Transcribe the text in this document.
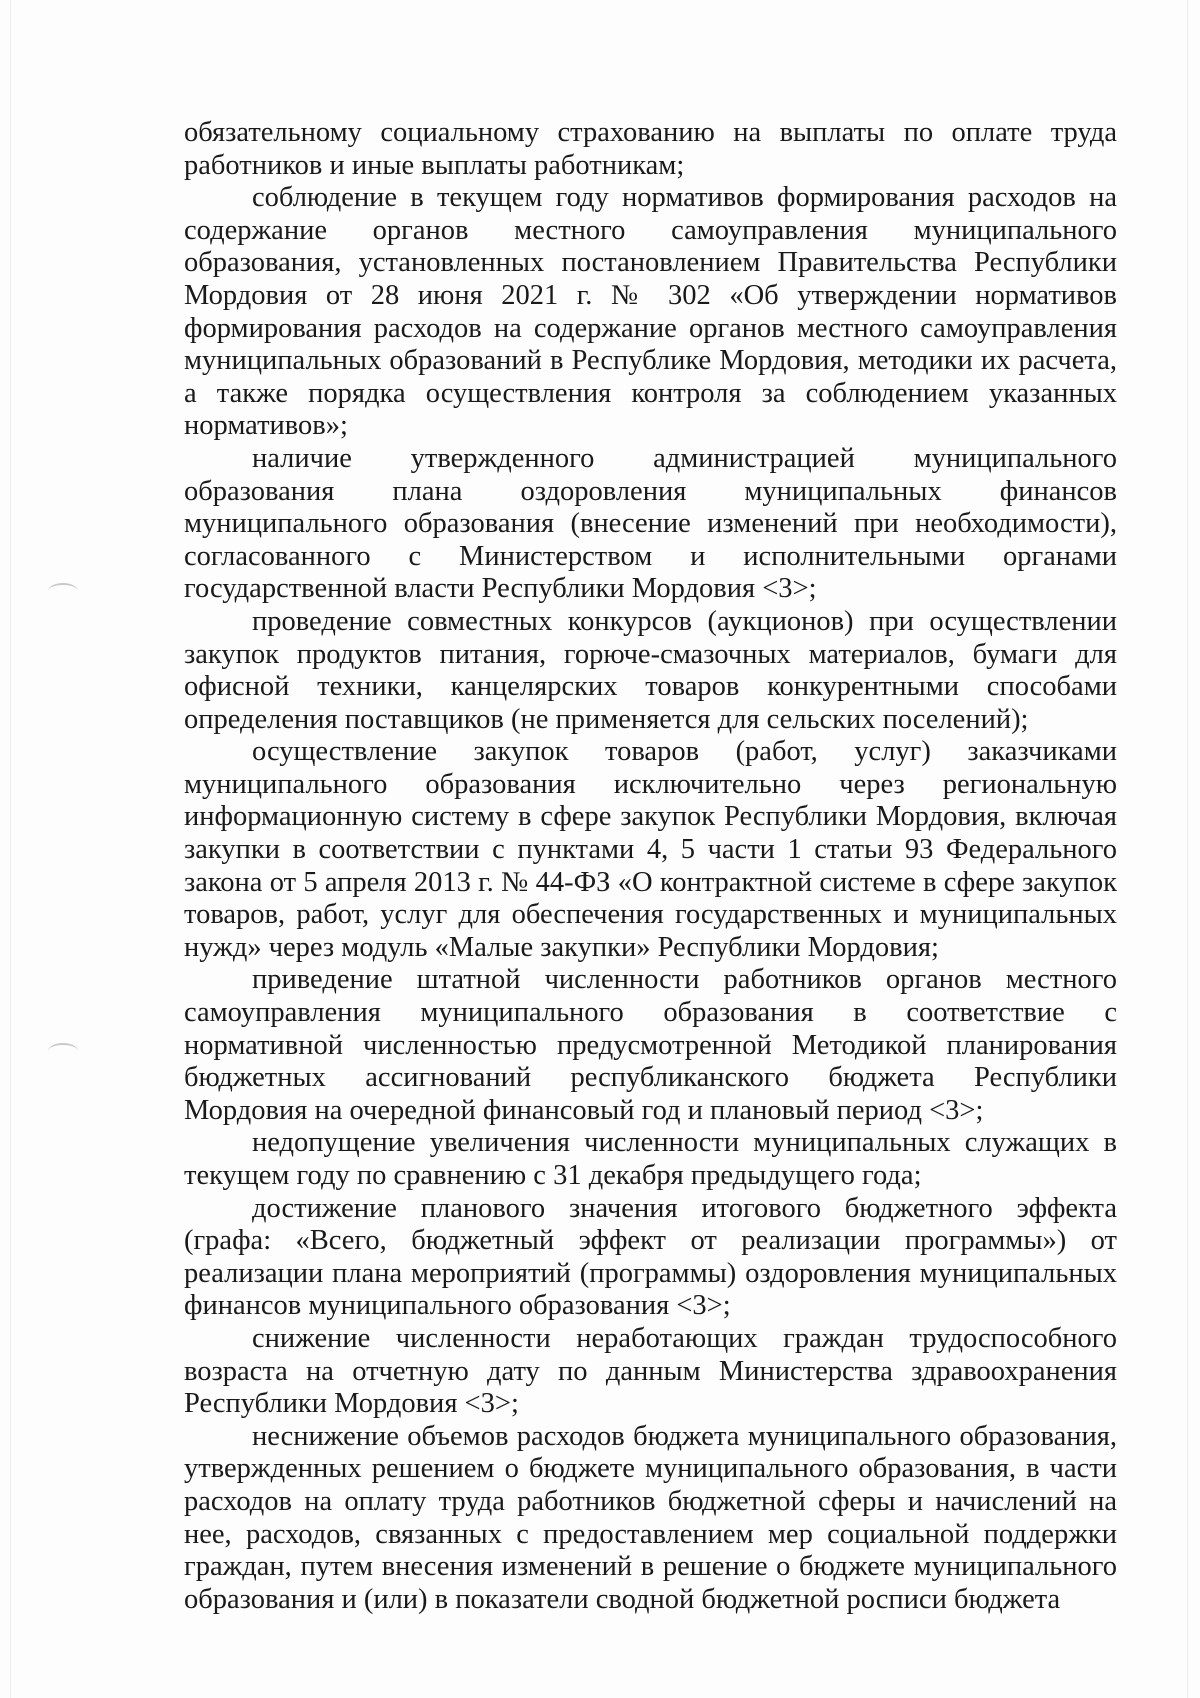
обязательному социальному страхованию на выплаты по оплате труда работников и иные выплаты работникам;

соблюдение в текущем году нормативов формирования расходов на содержание органов местного самоуправления муниципального образования, установленных постановлением Правительства Республики Мордовия от 28 июня 2021 г. № 302 «Об утверждении нормативов формирования расходов на содержание органов местного самоуправления муниципальных образований в Республике Мордовия, методики их расчета, а также порядка осуществления контроля за соблюдением указанных нормативов»;

наличие утвержденного администрацией муниципального образования плана оздоровления муниципальных финансов муниципального образования (внесение изменений при необходимости), согласованного с Министерством и исполнительными органами государственной власти Республики Мордовия <3>;

проведение совместных конкурсов (аукционов) при осуществлении закупок продуктов питания, горюче-смазочных материалов, бумаги для офисной техники, канцелярских товаров конкурентными способами определения поставщиков (не применяется для сельских поселений);

осуществление закупок товаров (работ, услуг) заказчиками муниципального образования исключительно через региональную информационную систему в сфере закупок Республики Мордовия, включая закупки в соответствии с пунктами 4, 5 части 1 статьи 93 Федерального закона от 5 апреля 2013 г. № 44-ФЗ «О контрактной системе в сфере закупок товаров, работ, услуг для обеспечения государственных и муниципальных нужд» через модуль «Малые закупки» Республики Мордовия;

приведение штатной численности работников органов местного самоуправления муниципального образования в соответствие с нормативной численностью предусмотренной Методикой планирования бюджетных ассигнований республиканского бюджета Республики Мордовия на очередной финансовый год и плановый период <3>;

недопущение увеличения численности муниципальных служащих в текущем году по сравнению с 31 декабря предыдущего года;

достижение планового значения итогового бюджетного эффекта (графа: «Всего, бюджетный эффект от реализации программы») от реализации плана мероприятий (программы) оздоровления муниципальных финансов муниципального образования <3>;

снижение численности неработающих граждан трудоспособного возраста на отчетную дату по данным Министерства здравоохранения Республики Мордовия <3>;

неснижение объемов расходов бюджета муниципального образования, утвержденных решением о бюджете муниципального образования, в части расходов на оплату труда работников бюджетной сферы и начислений на нее, расходов, связанных с предоставлением мер социальной поддержки граждан, путем внесения изменений в решение о бюджете муниципального образования и (или) в показатели сводной бюджетной росписи бюджета
